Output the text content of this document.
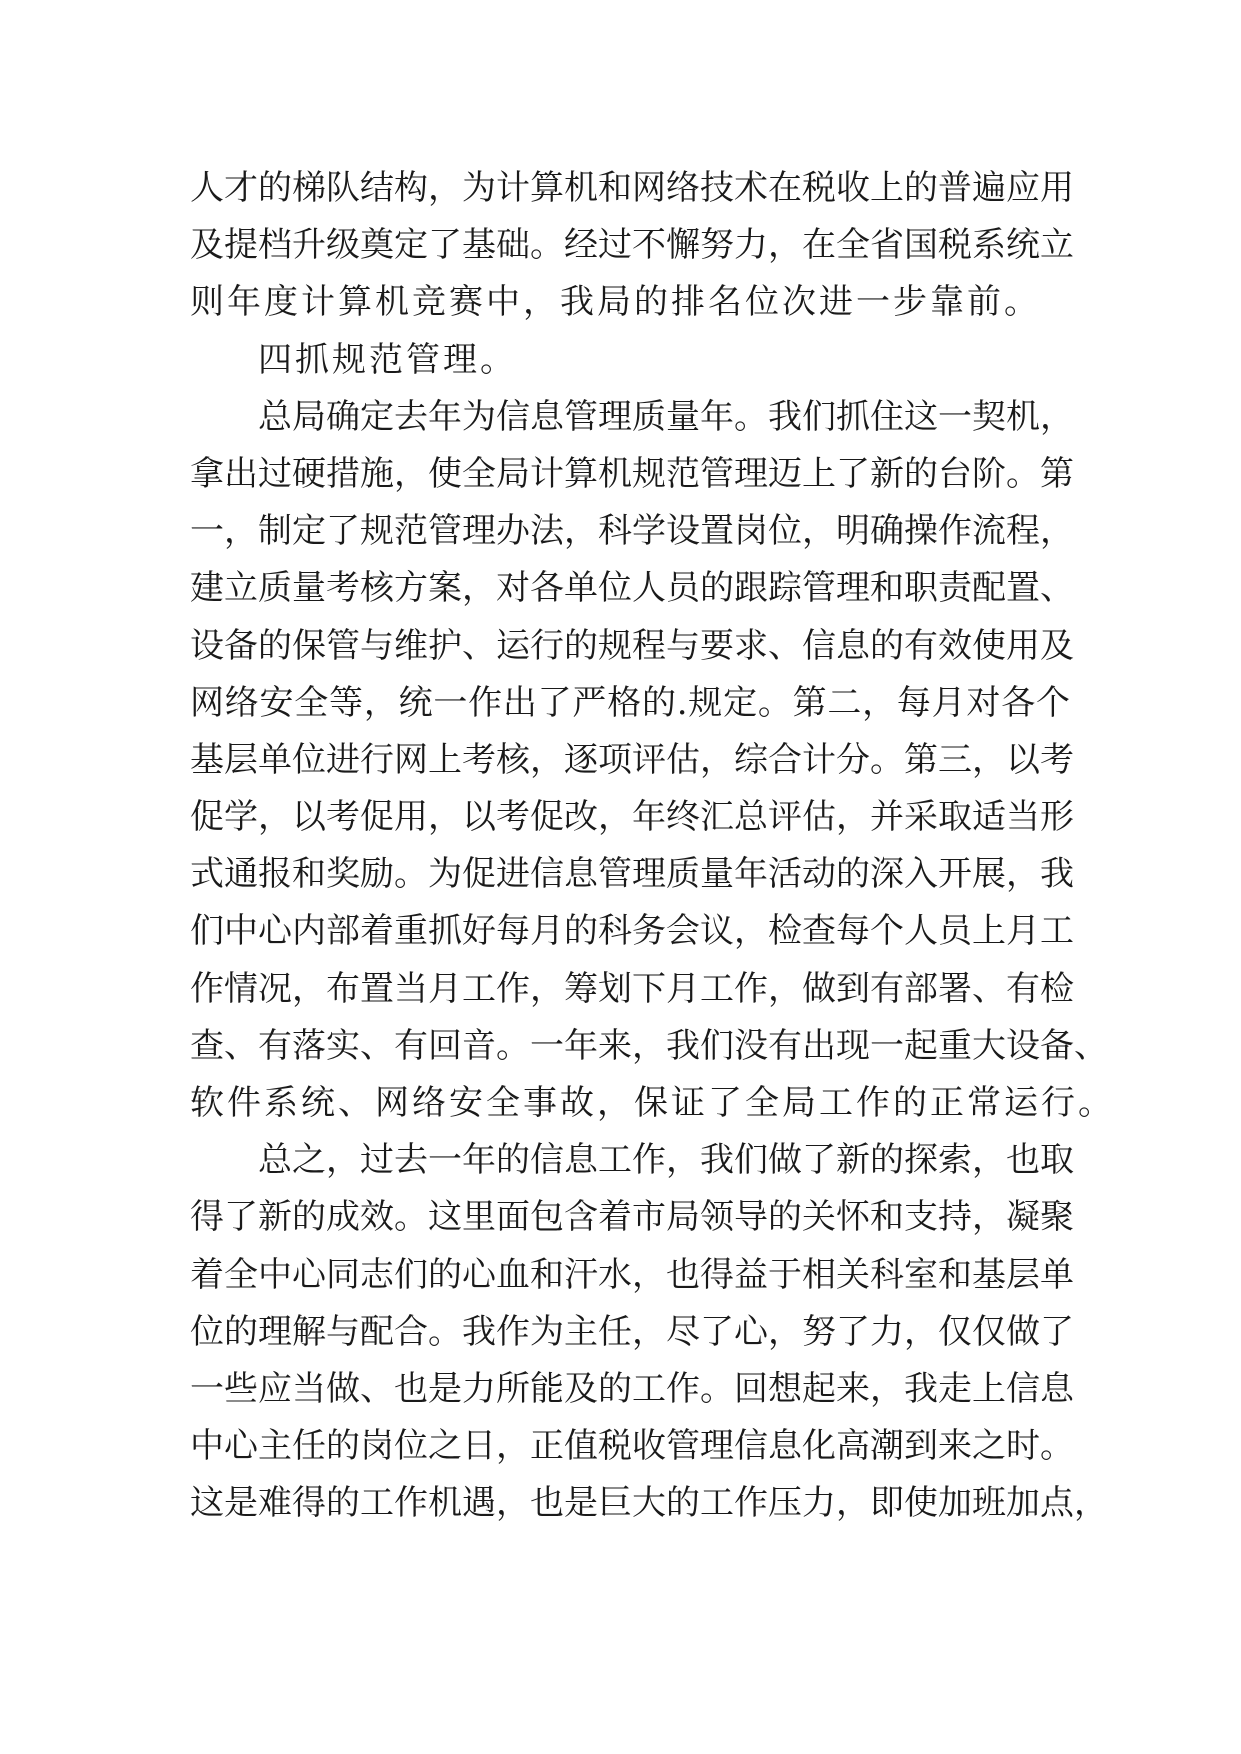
人 才 的 梯 队 结 构 ， 为 计 算 机 和 网 络 技 术 在 税 收 上 的 普 遍 应 用
及 提 档 升 级 奠 定 了 基 础 。 经 过 不 懈 努 力 ， 在 全 省 国 税 系 统 立
则年度计算机竞赛中，我局的排名位次进一步靠前。
四抓规范管理。
总 局 确 定 去 年 为 信 息 管 理 质 量 年 。 我 们 抓 住 这 一 契 机 ，
拿 出 过 硬 措 施 ， 使 全 局 计 算 机 规 范 管 理 迈 上 了 新 的 台 阶 。 第
一 ， 制 定 了 规 范 管 理 办 法 ， 科 学 设 置 岗 位 ， 明 确 操 作 流 程 ，
建 立 质 量 考 核 方 案 ， 对 各 单 位 人 员 的 跟 踪 管 理 和 职 责 配 置 、
设 备 的 保 管 与 维 护 、 运 行 的 规 程 与 要 求 、 信 息 的 有 效 使 用 及
网 络 安 全 等 ， 统 一 作 出 了 严 格 的 . 规 定 。 第 二 ， 每 月 对 各 个
基 层 单 位 进 行 网 上 考 核 ， 逐 项 评 估 ， 综 合 计 分 。 第 三 ， 以 考
促 学 ， 以 考 促 用 ， 以 考 促 改 ， 年 终 汇 总 评 估 ， 并 采 取 适 当 形
式 通 报 和 奖 励 。 为 促 进 信 息 管 理 质 量 年 活 动 的 深 入 开 展 ， 我
们 中 心 内 部 着 重 抓 好 每 月 的 科 务 会 议 ， 检 查 每 个 人 员 上 月 工
作 情 况 ， 布 置 当 月 工 作 ， 筹 划 下 月 工 作 ， 做 到 有 部 署 、 有 检
查 、 有 落 实 、 有 回 音 。 一 年 来 ， 我 们 没 有 出 现 一 起 重 大 设 备 、
软件系统、网络安全事故，保证了全局工作的正常运行。
总 之 ， 过 去 一 年 的 信 息 工 作 ， 我 们 做 了 新 的 探 索 ， 也 取
得 了 新 的 成 效 。 这 里 面 包 含 着 市 局 领 导 的 关 怀 和 支 持 ， 凝 聚
着 全 中 心 同 志 们 的 心 血 和 汗 水 ， 也 得 益 于 相 关 科 室 和 基 层 单
位 的 理 解 与 配 合 。 我 作 为 主 任 ， 尽 了 心 ， 努 了 力 ， 仅 仅 做 了
一 些 应 当 做 、 也 是 力 所 能 及 的 工 作 。 回 想 起 来 ， 我 走 上 信 息
中 心 主 任 的 岗 位 之 日 ， 正 值 税 收 管 理 信 息 化 高 潮 到 来 之 时 。
这 是 难 得 的 工 作 机 遇 ， 也 是 巨 大 的 工 作 压 力 ， 即 使 加 班 加 点 ，
